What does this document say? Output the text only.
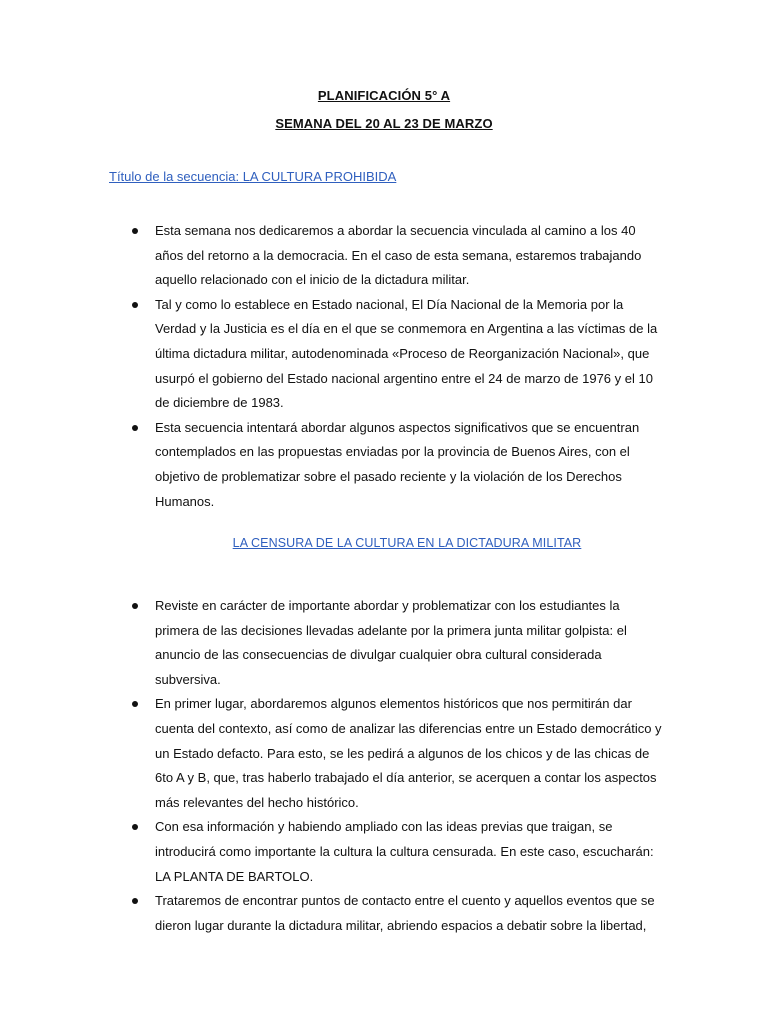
PLANIFICACIÓN 5° A
SEMANA DEL 20 AL 23 DE MARZO
Título de la secuencia: LA CULTURA PROHIBIDA
Esta semana nos dedicaremos a abordar la secuencia vinculada al camino a los 40 años del retorno a la democracia. En el caso de esta semana, estaremos trabajando aquello relacionado con el inicio de la dictadura militar.
Tal y como lo establece en Estado nacional, El Día Nacional de la Memoria por la Verdad y la Justicia es el día en el que se conmemora en Argentina a las víctimas de la última dictadura militar, autodenominada «Proceso de Reorganización Nacional», que usurpó el gobierno del Estado nacional argentino entre el 24 de marzo de 1976 y el 10 de diciembre de 1983.
Esta secuencia intentará abordar algunos aspectos significativos que se encuentran contemplados en las propuestas enviadas por la provincia de Buenos Aires, con el objetivo de problematizar sobre el pasado reciente y la violación de los Derechos Humanos.
LA CENSURA DE LA CULTURA EN LA DICTADURA MILITAR
Reviste en carácter de importante abordar y problematizar con los estudiantes la primera de las decisiones llevadas adelante por la primera junta militar golpista: el anuncio de las consecuencias de divulgar cualquier obra cultural considerada subversiva.
En primer lugar, abordaremos algunos elementos históricos que nos permitirán dar cuenta del contexto, así como de analizar las diferencias entre un Estado democrático y un Estado defacto. Para esto, se les pedirá a algunos de los chicos y de las chicas de 6to A y B, que, tras haberlo trabajado el día anterior, se acerquen a contar los aspectos más relevantes del hecho histórico.
Con esa información y habiendo ampliado con las ideas previas que traigan, se introducirá como importante la cultura la cultura censurada. En este caso, escucharán: LA PLANTA DE BARTOLO.
Trataremos de encontrar puntos de contacto entre el cuento y aquellos eventos que se dieron lugar durante la dictadura militar, abriendo espacios a debatir sobre la libertad,
